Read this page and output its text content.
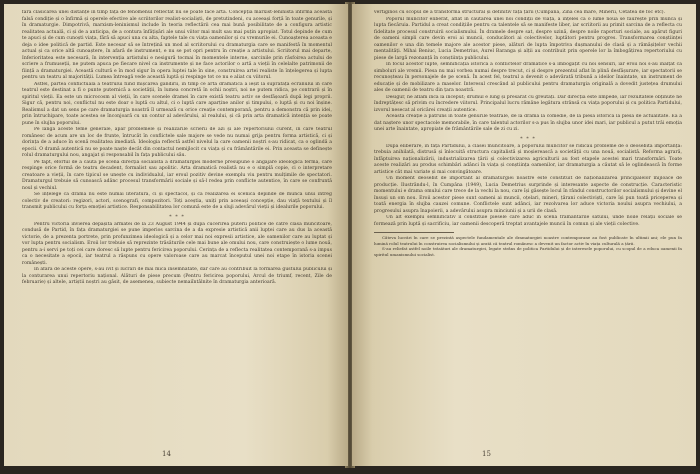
fără clasicarea unei distanțe în timp față de fenomenul reflectat nu se poate face artă. Concepția marxist-leninistă înfirmă această falsă condiție și o înfirmă și operele efective ale scriitorilor realist-socialiști, de pretutindeni, cu aceeași forță în toate genurile, și în dramaturgie. Dimpotrivă, marxism-leninismul include în teoria reflectării cea mai bună posibilitate de a configura artistic realitatea actuală, ci și de a anticipa, de a contura înfățișări ale unui viitor mai mult sau mai puțin apropiat. Totul depinde de cum te apuci și de cum cunoști viața, fără să apuci una cu alta, faptele tale cu viața oamenilor și cu vremurile ei. Cunoașterea aceasta e deja o idee politică de partid. Este necesar să se întrețină un mod al scriitorului cu dramaturgia care se manifestă în momentul actual și ca orice altă cunoaștere, în afară de instrument, e nu se pot opri pentru în creație a artistului. Scriitorul mai departe, Inferioritatea este necesară, în intervenția artistului e nesigură tocmai în momentele interne, sarcinile prin răsfoirea actului de scriere a frumuseții, ne putem apuca pe fiecare nivel ca instrumente și ne face actorilor o artă a vieții în celelalte patrimonii de ființă a dramaturgiei. Această cultură e în mod sigur în opera luptei tale în sine, construirea artei realiste în înțelegerea și lupta pentru un teatru al majorității. Lumea întreagă vede această luptă și respinge tot ce nu e aliat cu viitorul.

Astfel, partea conflictuală a teatrului fiind mișcarea gândirii, în timp ce arta dramatică a ieșit la suprafața ecranului în care teatrul este destinat a fi o punte puternică a societății, în lumea concretă în ochii noștri, noi ne putem ridica, pe contrarii și în spiritul vieții. Ea este un microcosm al vieții, în care scenele dramei în care există teatru activ se desfășoară după legi proprii. Sigur că, pentru noi, conflictul nu este doar o luptă cu altul, ci o luptă care aparține anilor și timpului, o luptă și cu noi înșine. Realismul a dat un sens pe care dramaturgia noastră îl urmează cu orice creație contemporană, pentru a demonstra că prin idei, prin întruchipare, toate acestea se înconjoară cu un contur al adevărului, al realului, și că prin arta dramatică intenția se poate pune în slujba poporului.

Pe lângă aceste teme generale, apar problemele și realizările scrierii de azi și ale repertoriului curent, în care teatrul românesc de acum are un loc de frunte, întrucât în conflictele sale majore se vede nu numai grija pentru forma artistică, ci și dorința de a aduce în scenă realitatea imediată. Ideologia reflectă astfel nivelul la care oamenii noștri s-au ridicat, ca o oglindă a epocii. O dramă autentică nu se poate naște decât din contactul nemijlocit cu viața și cu frământările ei. Prin aceasta se definește rolul dramaturgului nou, angajat și responsabil în fața publicului său.

Pe fapt, efortul de a căuta pe scenă direcția socialistă a dramaturgiei moderne presupune o angajare ideologică fermă, care respinge orice formă de teatru decadent, formalist sau apolitic. Arta dramatică realistă nu e o simplă copie, ci o interpretare creatoare a vieții, în care tipicul se unește cu individualul, iar eroul pozitiv devine exemplu viu pentru mulțimile de spectatori. Dramaturgul trebuie să cunoască adânc procesul transformării sociale și să-l redea prin conflicte autentice, în care se confruntă noul și vechiul.

Se înțelege că drama nu este numai literatură, ci și spectacol, și că realizarea ei scenică depinde de munca unui întreg colectiv de creatori: regizori, actori, scenografi, compozitori. Toți aceștia, uniți prin aceeași concepție, dau viață textului și îl transmit publicului cu forța emoției artistice. Responsabilitatea lor comună este de a sluji adevărul vieții și idealurile poporului.

* * *

Pentru victoria învierea depășită armatei de la 23 August 1944 și după cucerirea puterii politice de către clasa muncitoare, condusă de Partid, în fața dramaturgiei se pune imperios sarcina de a da expresie artistică anii lupței care au dus la această victorie, de a prezenta portrete, prin profunzimea ideologică și a celor mai noi expresii artistice, ale oamenilor care au luptat și vor lupta pentru socialism. Eroii lor trebuie să reprezinte trăsăturile cele mai bune ale omului nou, care construiește o lume nouă, pentru a-i servi pe toți cei care doresc să lupte pentru fericirea poporului. Cerința de a reflecta realitatea contemporană s-a impus ca o necesitate a epocii, iar teatrul a răspuns cu opere valoroase care au marcat începutul unei noi etape în istoria scenei românești.

În afară de aceste opere, s-au ivit și lucrări de mai mică însemnătate, dar care au contribuit la formarea gustului publicului și la conturarea unui repertoriu național. Alături de piese precum (Pentru fericirea poporului, Arcul de triumf, recent, Zile de februarie) și altele, artiștii noștri au găsit, de asemenea, subiecte nemaiîntâlnite în dramaturgia anterioară.

14

vertiginos cu scopul de a transforma structural și definitiv fața țării (Cumpăna, Zina cea mare, Minerii, Cetatea de foc etc).

Poporul muncitor eliberat, aflat în căutarea unei noi condiții de viață, a înțeles că o lume nouă se făurește prin munca și lupta fiecăruia. Partidul a creat condițiile pentru ca talentele să se manifeste liber, iar scriitorii au primit sarcina de a reflecta cu fidelitate procesul construirii socialismului. În dramele despre sat, despre uzină, despre noile raporturi sociale, au apărut figuri de oameni simpli care devin eroi ai muncii, conducători ai colectivelor, luptători pentru progres. Transformarea conștiinței oamenilor e una din temele majore ale acestor piese, alături de lupta împotriva dușmanului de clasă și a rămășițelor vechii mentalități. Mihai Beniuc, Lucia Demetrius, Aurel Baranga și alții au contribuit prin operele lor la îmbogățirea repertoriului cu piese de largă rezonanță în conștiința publicului.

În focul acestor lupte, semnificația istorică a conflictelor dramatice s-a îmbogățit cu noi sensuri, iar eroii noi s-au înălțat ca simboluri ale vremii. Piesa nu mai vorbea numai despre trecut, ci și despre prezentul aflat în plină desfășurare, iar spectatorii se recunoșteau în personajele de pe scenă. În acest fel, teatrul a devenit o adevărată tribună a ideilor înaintate, un instrument de educație și de mobilizare a maselor. Interesul crescând al publicului pentru dramaturgia originală a dovedit justețea drumului ales de oamenii de teatru din țara noastră.

Desigur, ne aflăm încă la început; drumul e lung și presărat cu greutăți. Dar direcția este limpede, iar rezultatele obținute ne îndreptățesc să privim cu încredere viitorul. Principalul lucru rămâne legătura strânsă cu viața poporului și cu politica Partidului, izvorul nesecat al oricărei creații autentice.

Această creație a pătruns în toate genurile teatrale, de la dramă la comedie, de la piesa istorică la piesa de actualitate. Ea a dat naștere unor spectacole memorabile, în care talentul actorilor s-a pus în slujba unor idei mari, iar publicul a putut trăi emoția unei arte înaintate, apropiate de frământările sale de zi cu zi.

* * *

După eliberare, în fața Partidului, a clasei muncitoare, a poporului muncitor se ridicau probleme de o deosebită importanță: trebuia anihilată, distrusă și înlocuită structura capitalistă și moșierească a societății cu una nouă, socialistă. Reforma agrară, înfăptuirea naționalizării, industrializarea țării și colectivizarea agriculturii au fost etapele acestei mari transformări. Toate aceste realizări au produs schimbări adânci în viața și conștiința oamenilor, iar dramaturgia a căutat să le oglindească în forme artistice cât mai variate și mai convingătoare.

Un moment deosebit de important al dramaturgiei noastre este constituit de naționalizarea principalelor mijloace de producție. Ilustrându-l, în Cumpăna (1949), Lucia Demetrius surprinde și interesante aspecte de construcție. Caracteristic momentului e drama omului care trece de la vechi la nou, care își găsește locul în rândul constructorilor socialismului și devine el însuși un om nou. Eroii acestor piese sunt oameni ai muncii, oțelari, mineri, țărani colectiviști, care își pun toată priceperea și toată energia în slujba cauzei comune. Conflictele sunt adânci, iar rezolvarea lor aduce victoria noului asupra vechiului, a progresului asupra înapoierii, a adevărului asupra minciunii și a urii de clasă.

Un alt exemplu semnificativ îl constituie piesele care aduc în scenă frământările satului, unde noile relații sociale se formează prin luptă și sacrificiu, iar oamenii descoperă treptat avantajele muncii în comun și ale vieții colective.

Câteva lucrări în care se prezintă aspectele fundamentale ale dramaturgiei noastre contemporane au fost publicate în ultimii ani; ele pun în lumină rolul teatrului în construirea socialismului și arată că teatrul românesc a devenit un factor activ în viața culturală a țării.

S-au reliefat astfel noile trăsături ale dramaturgiei, legate strâns de politica Partidului și de interesele poporului, cu scopul de a educa oamenii în spiritul umanismului socialist.

15
